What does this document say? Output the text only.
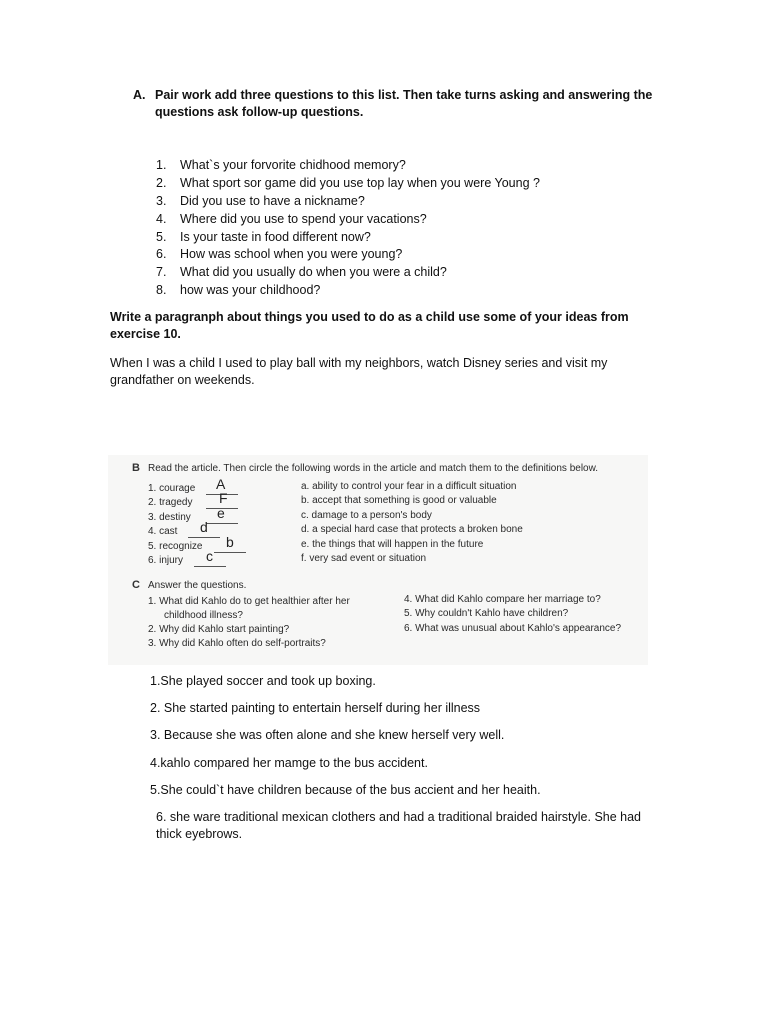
A. Pair work add three questions to this list. Then take turns asking and answering the questions ask follow-up questions.
1.	What`s your forvorite chidhood memory?
2.	What sport sor game did you use top lay when you were Young ?
3.	Did you use to have a nickname?
4.	Where did you use to spend your vacations?
5.	Is your taste in food different now?
6.	How was school when you were young?
7.	What did you usually do when you were a child?
8.	how was your childhood?
Write a paragranph about things you used to do as a child use some of your ideas from exercise 10.
When I was a child I used to play ball with my neighbors, watch Disney series and visit my grandfather on weekends.
B Read the article. Then circle the following words in the article and match them to the definitions below.
1. courage A
2. tragedy F
3. destiny e
4. cast d
5. recognize b
6. injury c
a. ability to control your fear in a difficult situation
b. accept that something is good or valuable
c. damage to a person's body
d. a special hard case that protects a broken bone
e. the things that will happen in the future
f. very sad event or situation
C Answer the questions.
1. What did Kahlo do to get healthier after her
childhood illness?
2. Why did Kahlo start painting?
3. Why did Kahlo often do self-portraits?
4. What did Kahlo compare her marriage to?
5. Why couldn't Kahlo have children?
6. What was unusual about Kahlo's appearance?
1.She played soccer and took up boxing.
2. She started painting to entertain herself during her illness
3. Because she was often alone and she knew herself very well.
4.kahlo compared her mamge to the bus accident.
5.She could`t have children because of the bus accient and her heaith.
6. she ware traditional mexican clothers and had a traditional braided hairstyle. She had thick eyebrows.
